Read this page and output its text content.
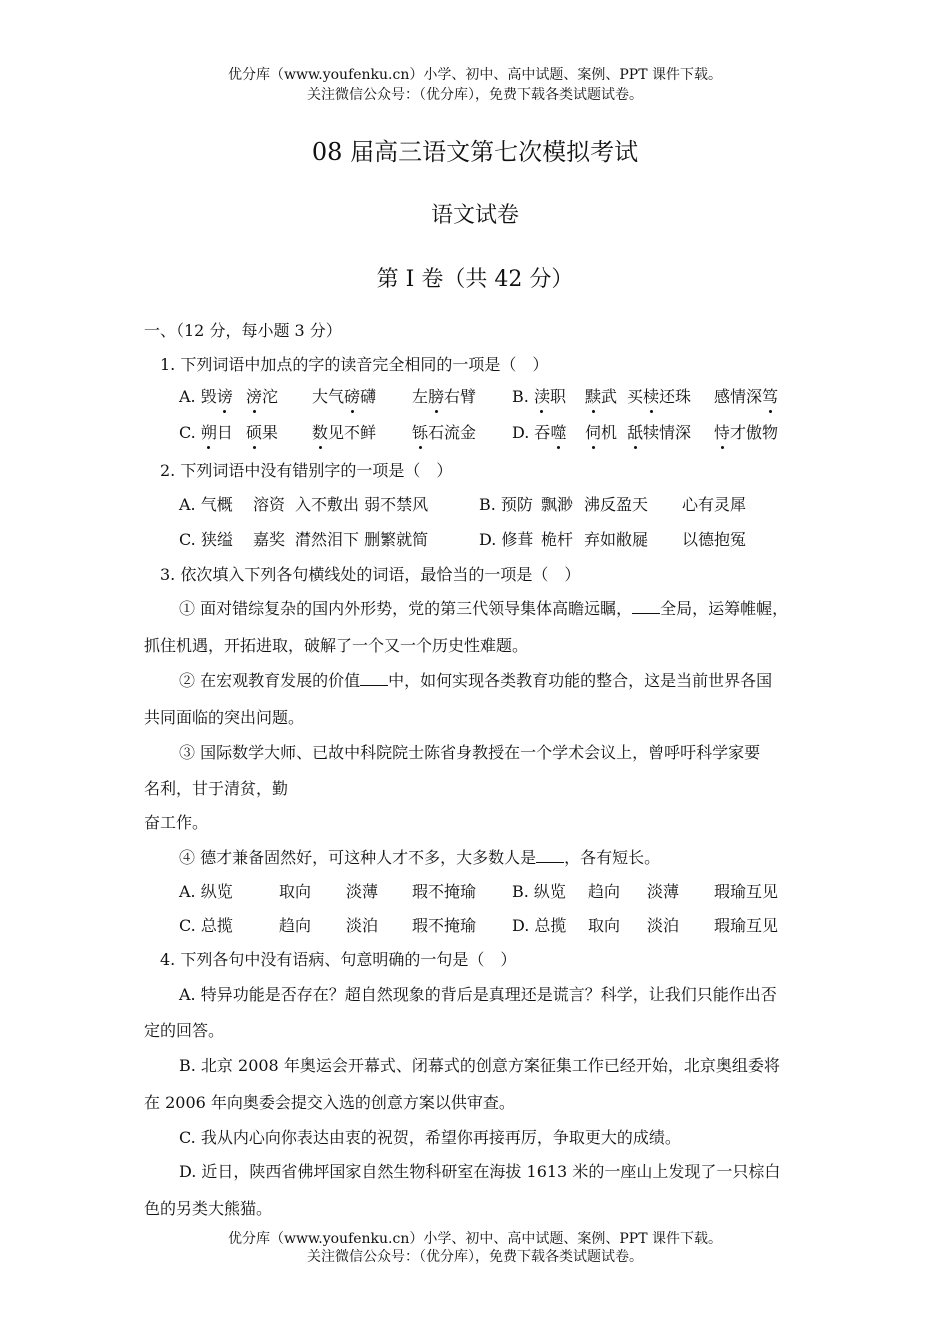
优分库（www.youfenku.cn）小学、初中、高中试题、案例、PPT 课件下载。
关注微信公众号：（优分库），免费下载各类试题试卷。
08 届高三语文第七次模拟考试
语文试卷
第 I 卷（共 42 分）
一、（12 分，每小题 3 分）
1. 下列词语中加点的字的读音完全相同的一项是（　）
A. 毁谤 滂沱 大气磅礴 左膀右臂 B. 渎职 黩武 买椟还珠 感情深笃
C. 朔日 硕果 数见不鲜 铄石流金 D. 吞噬 伺机 舐犊情深 恃才傲物
2. 下列词语中没有错别字的一项是（　）
A. 气概 溶资 入不敷出 弱不禁风	B. 预防 飘渺 沸反盈天 心有灵犀
C. 狭缢 嘉奖 潸然泪下 删繁就简	D. 修葺 桅杆 弃如敝屣 以德抱冤
3. 依次填入下列各句横线处的词语，最恰当的一项是（　）
① 面对错综复杂的国内外形势，党的第三代领导集体高瞻远瞩， 全局，运筹帷幄，
抓住机遇，开拓进取，破解了一个又一个历史性难题。
② 在宏观教育发展的价值 中，如何实现各类教育功能的整合，这是当前世界各国
共同面临的突出问题。
③ 国际数学大师、已故中科院院士陈省身教授在一个学术会议上，曾呼吁科学家要
名利，甘于清贫，勤
奋工作。
④ 德才兼备固然好，可这种人才不多，大多数人是 ，各有短长。
A. 纵览	取向 淡薄 瑕不掩瑜 B. 纵览 趋向 淡薄 瑕瑜互见
C. 总揽	趋向 淡泊 瑕不掩瑜 D. 总揽 取向 淡泊 瑕瑜互见
4. 下列各句中没有语病、句意明确的一句是（　）
A. 特异功能是否存在？超自然现象的背后是真理还是谎言？科学，让我们只能作出否
定的回答。
B. 北京 2008 年奥运会开幕式、闭幕式的创意方案征集工作已经开始，北京奥组委将
在 2006 年向奥委会提交入选的创意方案以供审查。
C. 我从内心向你表达由衷的祝贺，希望你再接再厉，争取更大的成绩。
D. 近日，陕西省佛坪国家自然生物科研室在海拔 1613 米的一座山上发现了一只棕白
色的另类大熊猫。
优分库（www.youfenku.cn）小学、初中、高中试题、案例、PPT 课件下载。
关注微信公众号：（优分库），免费下载各类试题试卷。
